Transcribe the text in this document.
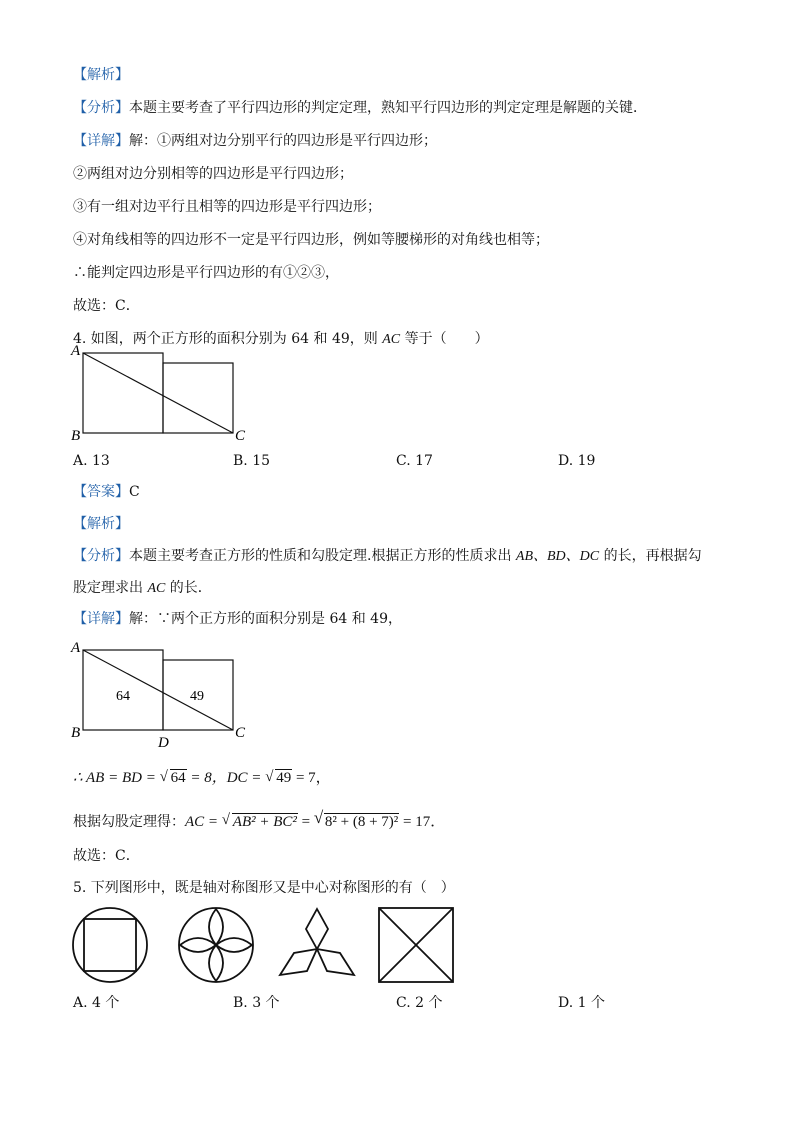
【解析】
【分析】本题主要考查了平行四边形的判定定理，熟知平行四边形的判定定理是解题的关键．
【详解】解：①两组对边分别平行的四边形是平行四边形；
②两组对边分别相等的四边形是平行四边形；
③有一组对边平行且相等的四边形是平行四边形；
④对角线相等的四边形不一定是平行四边形，例如等腰梯形的对角线也相等；
∴能判定四边形是平行四边形的有①②③，
故选：C．
4. 如图，两个正方形的面积分别为 64 和 49，则 AC 等于（　　）
A
B	C
A. 13	B. 15	C. 17	D. 19
【答案】C
【解析】
【分析】本题主要考查正方形的性质和勾股定理.根据正方形的性质求出 AB、BD、DC 的长，再根据勾
股定理求出 AC 的长．
【详解】解：∵两个正方形的面积分别是 64 和 49，
A
B	C
D
64	49
∴ AB = BD = √ 64 = 8，DC = √ 49 = 7，
根据勾股定理得：AC = √ AB² + BC² = √ 8² + (8 + 7)² = 17．
故选：C．
5. 下列图形中，既是轴对称图形又是中心对称图形的有（　）
A. 4 个	B. 3 个	C. 2 个	D. 1 个
